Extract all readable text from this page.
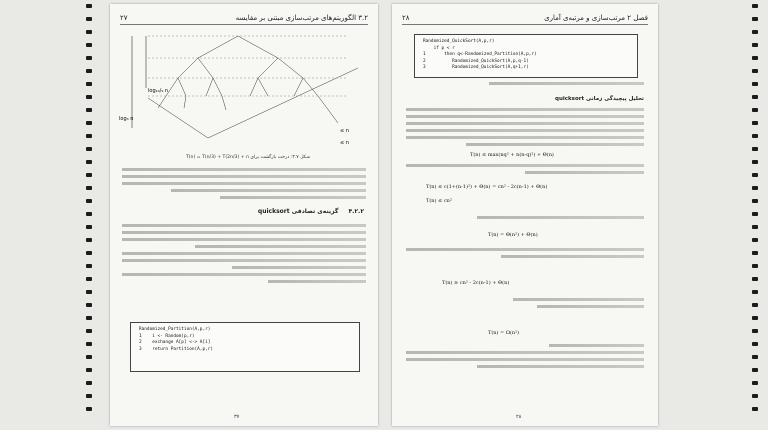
۳.۲ الگوریتم‌های مرتب‌سازی مبتنی بر مقایسه
۲۷
log₁₀/₉ n
log₃ n
≤ n
≤ n
شکل ۳.۷: درخت بازگشت برای T(n) = T(n/3) + T(2n/3) + n
۴.۲.۲ گزینه‌ی تصادفی quicksort
Randomized_Partition(A,p,r)
1    i <- Random(p,r)
2    exchange A[p] <-> A[i]
3    return Partition(A,p,r)
۳۷
فصل ۲ مرتب‌سازی و مرتبه‌ی آماری
۲۸
Randomized_QuickSort(A,p,r)
if p < r
1       then q<-Randomized_Partition(A,p,r)
2          Randomized_QuickSort(A,p,q-1)
3          Randomized_QuickSort(A,q+1,r)
تحلیل پیچیدگی زمانی quicksort
T(n) ≤ max(nq² + n(n-q)²) + Θ(n)
T(n) ≤ c(1+(n-1)²) + Θ(n) = cn² - 2c(n-1) + Θ(n)
T(n) ≤ cn²
T(n) = Θ(n²) + Θ(n)
T(n) ≥ cn² - 2c(n-1) + Θ(n)
T(n) = Ω(n²)
۲۸
